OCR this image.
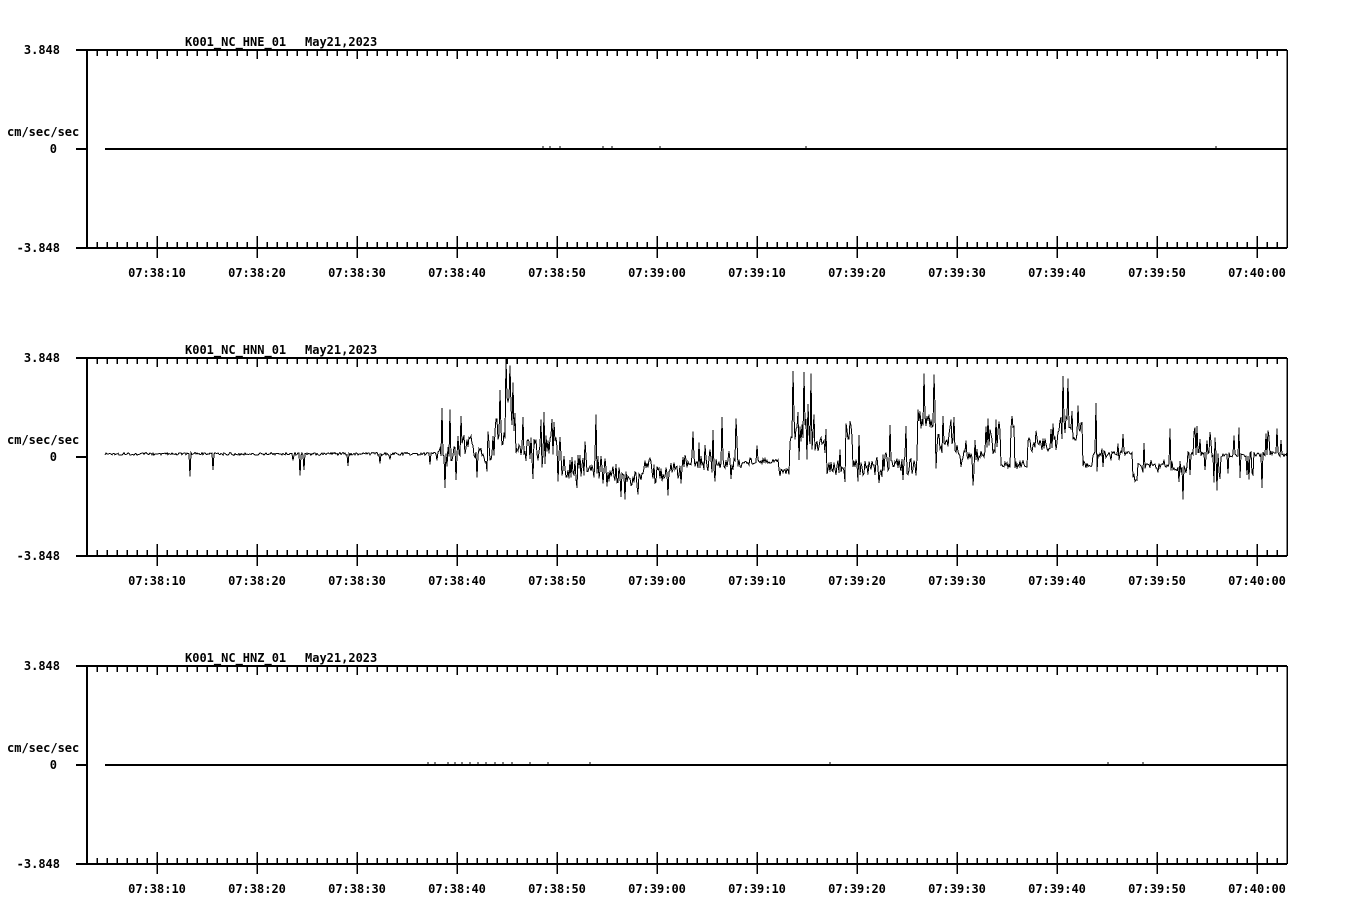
K001_NC_HNE_01 May21,2023
3.848
cm/sec/sec
0
-3.848
07:38:10	07:38:20	07:38:30	07:38:40	07:38:50	07:39:00	07:39:10	07:39:20	07:39:30	07:39:40	07:39:50	07:40:00
K001_NC_HNN_01 May21,2023
3.848
cm/sec/sec
0
-3.848
07:38:10	07:38:20	07:38:30	07:38:40	07:38:50	07:39:00	07:39:10	07:39:20	07:39:30	07:39:40	07:39:50	07:40:00
K001_NC_HNZ_01 May21,2023
3.848
cm/sec/sec
0
-3.848
07:38:10	07:38:20	07:38:30	07:38:40	07:38:50	07:39:00	07:39:10	07:39:20	07:39:30	07:39:40	07:39:50	07:40:00
